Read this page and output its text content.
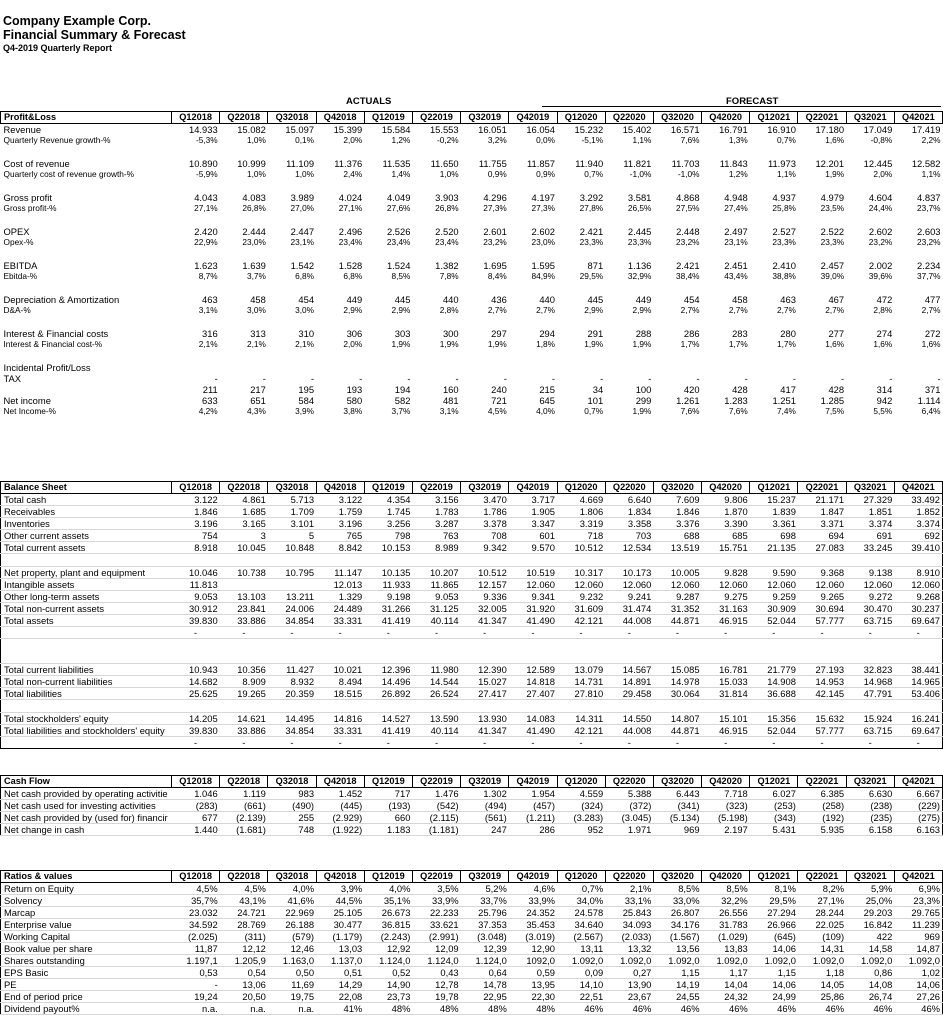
Company Example Corp.
Financial Summary & Forecast
Q4-2019 Quarterly Report
ACTUALS	FORECAST
Profit&Loss	Q12018	Q22018	Q32018	Q42018	Q12019	Q22019	Q32019	Q42019	Q12020	Q22020	Q32020	Q42020	Q12021	Q22021	Q32021	Q42021
Revenue	14.933	15.082	15.097	15.399	15.584	15.553	16.051	16.054	15.232	15.402	16.571	16.791	16.910	17.180	17.049	17.419
Quarterly Revenue growth-%	-5,3%	1,0%	0,1%	2,0%	1,2%	-0,2%	3,2%	0,0%	-5,1%	1,1%	7,6%	1,3%	0,7%	1,6%	-0,8%	2,2%

Cost of revenue	10.890	10.999	11.109	11.376	11.535	11.650	11.755	11.857	11.940	11.821	11.703	11.843	11.973	12.201	12.445	12.582
Quarterly cost of revenue growth-%	-5,9%	1,0%	1,0%	2,4%	1,4%	1,0%	0,9%	0,9%	0,7%	-1,0%	-1,0%	1,2%	1,1%	1,9%	2,0%	1,1%

Gross profit	4.043	4.083	3.989	4.024	4.049	3.903	4.296	4.197	3.292	3.581	4.868	4.948	4.937	4.979	4.604	4.837
Gross profit-%	27,1%	26,8%	27,0%	27,1%	27,6%	26,8%	27,3%	27,3%	27,8%	26,5%	27,5%	27,4%	25,8%	23,5%	24,4%	23,7%

OPEX	2.420	2.444	2.447	2.496	2.526	2.520	2.601	2.602	2.421	2.445	2.448	2.497	2.527	2.522	2.602	2.603
Opex-%	22,9%	23,0%	23,1%	23,4%	23,4%	23,4%	23,2%	23,0%	23,3%	23,3%	23,2%	23,1%	23,3%	23,3%	23,2%	23,2%

EBITDA	1.623	1.639	1.542	1.528	1.524	1.382	1.695	1.595	871	1.136	2.421	2.451	2.410	2.457	2.002	2.234
Ebitda-%	8,7%	3,7%	6,8%	6,8%	8,5%	7,8%	8,4%	84,9%	29,5%	32,9%	38,4%	43,4%	38,8%	39,0%	39,6%	37,7%

Depreciation & Amortization	463	458	454	449	445	440	436	440	445	449	454	458	463	467	472	477
D&A-%	3,1%	3,0%	3,0%	2,9%	2,9%	2,8%	2,7%	2,7%	2,9%	2,9%	2,7%	2,7%	2,7%	2,7%	2,8%	2,7%

Interest & Financial costs	316	313	310	306	303	300	297	294	291	288	286	283	280	277	274	272
Interest & Financial cost-%	2,1%	2,1%	2,1%	2,0%	1,9%	1,9%	1,9%	1,8%	1,9%	1,9%	1,7%	1,7%	1,7%	1,6%	1,6%	1,6%

Incidental Profit/Loss																
TAX	-	-	-	-	-	-	-	-	-	-	-	-	-	-	-	-
	211	217	195	193	194	160	240	215	34	100	420	428	417	428	314	371
Net income	633	651	584	580	582	481	721	645	101	299	1.261	1.283	1.251	1.285	942	1.114
Net Income-%	4,2%	4,3%	3,9%	3,8%	3,7%	3,1%	4,5%	4,0%	0,7%	1,9%	7,6%	7,6%	7,4%	7,5%	5,5%	6,4%
Balance Sheet	Q12018	Q22018	Q32018	Q42018	Q12019	Q22019	Q32019	Q42019	Q12020	Q22020	Q32020	Q42020	Q12021	Q22021	Q32021	Q42021
Total cash	3.122	4.861	5.713	3.122	4.354	3.156	3.470	3.717	4.669	6.640	7.609	9.806	15.237	21.171	27.329	33.492
Receivables	1.846	1.685	1.709	1.759	1.745	1.783	1.786	1.905	1.806	1.834	1.846	1.870	1.839	1.847	1.851	1.852
Inventories	3.196	3.165	3.101	3.196	3.256	3.287	3.378	3.347	3.319	3.358	3.376	3.390	3.361	3.371	3.374	3.374
Other current assets	754	3	5	765	798	763	708	601	718	703	688	685	698	694	691	692
Total current assets	8.918	10.045	10.848	8.842	10.153	8.989	9.342	9.570	10.512	12.534	13.519	15.751	21.135	27.083	33.245	39.410

Net property, plant and equipment	10.046	10.738	10.795	11.147	10.135	10.207	10.512	10.519	10.317	10.173	10.005	9.828	9.590	9.368	9.138	8.910
Intangible assets	11.813			12.013	11.933	11.865	12.157	12.060	12.060	12.060	12.060	12.060	12.060	12.060	12.060	12.060
Other long-term assets	9.053	13.103	13.211	1.329	9.198	9.053	9.336	9.341	9.232	9.241	9.287	9.275	9.259	9.265	9.272	9.268
Total non-current assets	30.912	23.841	24.006	24.489	31.266	31.125	32.005	31.920	31.609	31.474	31.352	31.163	30.909	30.694	30.470	30.237
Total assets	39.830	33.886	34.854	33.331	41.419	40.114	41.347	41.490	42.121	44.008	44.871	46.915	52.044	57.777	63.715	69.647
	-	-	-	-	-	-	-	-	-	-	-	-	-	-	-	-

Total current liabilities	10.943	10.356	11.427	10.021	12.396	11.980	12.390	12.589	13.079	14.567	15.085	16.781	21.779	27.193	32.823	38.441
Total non-current liabilities	14.682	8.909	8.932	8.494	14.496	14.544	15.027	14.818	14.731	14.891	14.978	15.033	14.908	14.953	14.968	14.965
Total liabilities	25.625	19.265	20.359	18.515	26.892	26.524	27.417	27.407	27.810	29.458	30.064	31.814	36.688	42.145	47.791	53.406

Total stockholders' equity	14.205	14.621	14.495	14.816	14.527	13.590	13.930	14.083	14.311	14.550	14.807	15.101	15.356	15.632	15.924	16.241
Total liabilities and stockholders' equity	39.830	33.886	34.854	33.331	41.419	40.114	41.347	41.490	42.121	44.008	44.871	46.915	52.044	57.777	63.715	69.647
	-	-	-	-	-	-	-	-	-	-	-	-	-	-	-	-
Cash Flow	Q12018	Q22018	Q32018	Q42018	Q12019	Q22019	Q32019	Q42019	Q12020	Q22020	Q32020	Q42020	Q12021	Q22021	Q32021	Q42021
Net cash provided by operating activitie	1.046	1.119	983	1.452	717	1.476	1.302	1.954	4.559	5.388	6.443	7.718	6.027	6.385	6.630	6.667
Net cash used for investing activities	(283)	(661)	(490)	(445)	(193)	(542)	(494)	(457)	(324)	(372)	(341)	(323)	(253)	(258)	(238)	(229)
Net cash provided by (used for) financir	677	(2.139)	255	(2.929)	660	(2.115)	(561)	(1.211)	(3.283)	(3.045)	(5.134)	(5.198)	(343)	(192)	(235)	(275)
Net change in cash	1.440	(1.681)	748	(1.922)	1.183	(1.181)	247	286	952	1.971	969	2.197	5.431	5.935	6.158	6.163
Ratios & values	Q12018	Q22018	Q32018	Q42018	Q12019	Q22019	Q32019	Q42019	Q12020	Q22020	Q32020	Q42020	Q12021	Q22021	Q32021	Q42021
Return on Equity	4,5%	4,5%	4,0%	3,9%	4,0%	3,5%	5,2%	4,6%	0,7%	2,1%	8,5%	8,5%	8,1%	8,2%	5,9%	6,9%
Solvency	35,7%	43,1%	41,6%	44,5%	35,1%	33,9%	33,7%	33,9%	34,0%	33,1%	33,0%	32,2%	29,5%	27,1%	25,0%	23,3%
Marcap	23.032	24.721	22.969	25.105	26.673	22.233	25.796	24.352	24.578	25.843	26.807	26.556	27.294	28.244	29.203	29.765
Enterprise value	34.592	28.769	26.188	30.477	36.815	33.621	37.353	35.453	34.640	34.093	34.176	31.783	26.966	22.025	16.842	11.239
Working Capital	(2.025)	(311)	(579)	(1.179)	(2.243)	(2.991)	(3.048)	(3.019)	(2.567)	(2.033)	(1.567)	(1.029)	(645)	(109)	422	969
Book value per share	11,87	12,12	12,46	13,03	12,92	12,09	12,39	12,90	13,11	13,32	13,56	13,83	14,06	14,31	14,58	14,87
Shares outstanding	1.197,1	1.205,9	1.163,0	1.137,0	1.124,0	1.124,0	1.124,0	1092,0	1.092,0	1.092,0	1.092,0	1.092,0	1.092,0	1.092,0	1.092,0	1.092,0
EPS Basic	0,53	0,54	0,50	0,51	0,52	0,43	0,64	0,59	0,09	0,27	1,15	1,17	1,15	1,18	0,86	1,02
PE	-	13,06	11,69	14,29	14,90	12,78	14,78	13,95	14,10	13,90	14,19	14,04	14,06	14,05	14,08	14,06
End of period price	19,24	20,50	19,75	22,08	23,73	19,78	22,95	22,30	22,51	23,67	24,55	24,32	24,99	25,86	26,74	27,26
Dividend payout%	n.a.	n.a.	n.a.	41%	48%	48%	48%	48%	46%	46%	46%	46%	46%	46%	46%	46%
